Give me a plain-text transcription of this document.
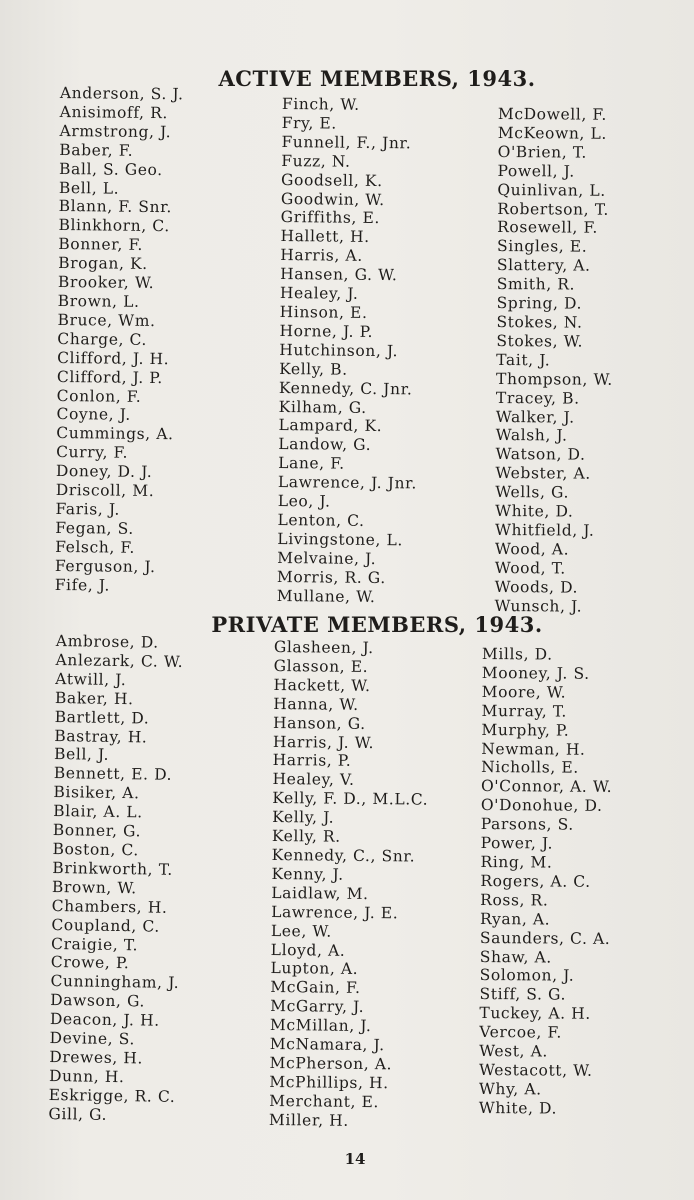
ACTIVE MEMBERS, 1943.
Anderson, S. J.
Anisimoff, R.
Armstrong, J.
Baber, F.
Ball, S. Geo.
Bell, L.
Blann, F. Snr.
Blinkhorn, C.
Bonner, F.
Brogan, K.
Brooker, W.
Brown, L.
Bruce, Wm.
Charge, C.
Clifford, J. H.
Clifford, J. P.
Conlon, F.
Coyne, J.
Cummings, A.
Curry, F.
Doney, D. J.
Driscoll, M.
Faris, J.
Fegan, S.
Felsch, F.
Ferguson, J.
Fife, J.
Finch, W.
Fry, E.
Funnell, F., Jnr.
Fuzz, N.
Goodsell, K.
Goodwin, W.
Griffiths, E.
Hallett, H.
Harris, A.
Hansen, G. W.
Healey, J.
Hinson, E.
Horne, J. P.
Hutchinson, J.
Kelly, B.
Kennedy, C. Jnr.
Kilham, G.
Lampard, K.
Landow, G.
Lane, F.
Lawrence, J. Jnr.
Leo, J.
Lenton, C.
Livingstone, L.
Melvaine, J.
Morris, R. G.
Mullane, W.
McDowell, F.
McKeown, L.
O'Brien, T.
Powell, J.
Quinlivan, L.
Robertson, T.
Rosewell, F.
Singles, E.
Slattery, A.
Smith, R.
Spring, D.
Stokes, N.
Stokes, W.
Tait, J.
Thompson, W.
Tracey, B.
Walker, J.
Walsh, J.
Watson, D.
Webster, A.
Wells, G.
White, D.
Whitfield, J.
Wood, A.
Wood, T.
Woods, D.
Wunsch, J.
PRIVATE MEMBERS, 1943.
Ambrose, D.
Anlezark, C. W.
Atwill, J.
Baker, H.
Bartlett, D.
Bastray, H.
Bell, J.
Bennett, E. D.
Bisiker, A.
Blair, A. L.
Bonner, G.
Boston, C.
Brinkworth, T.
Brown, W.
Chambers, H.
Coupland, C.
Craigie, T.
Crowe, P.
Cunningham, J.
Dawson, G.
Deacon, J. H.
Devine, S.
Drewes, H.
Dunn, H.
Eskrigge, R. C.
Gill, G.
Glasheen, J.
Glasson, E.
Hackett, W.
Hanna, W.
Hanson, G.
Harris, J. W.
Harris, P.
Healey, V.
Kelly, F. D., M.L.C.
Kelly, J.
Kelly, R.
Kennedy, C., Snr.
Kenny, J.
Laidlaw, M.
Lawrence, J. E.
Lee, W.
Lloyd, A.
Lupton, A.
McGain, F.
McGarry, J.
McMillan, J.
McNamara, J.
McPherson, A.
McPhillips, H.
Merchant, E.
Miller, H.
Mills, D.
Mooney, J. S.
Moore, W.
Murray, T.
Murphy, P.
Newman, H.
Nicholls, E.
O'Connor, A. W.
O'Donohue, D.
Parsons, S.
Power, J.
Ring, M.
Rogers, A. C.
Ross, R.
Ryan, A.
Saunders, C. A.
Shaw, A.
Solomon, J.
Stiff, S. G.
Tuckey, A. H.
Vercoe, F.
West, A.
Westacott, W.
Why, A.
White, D.
14
